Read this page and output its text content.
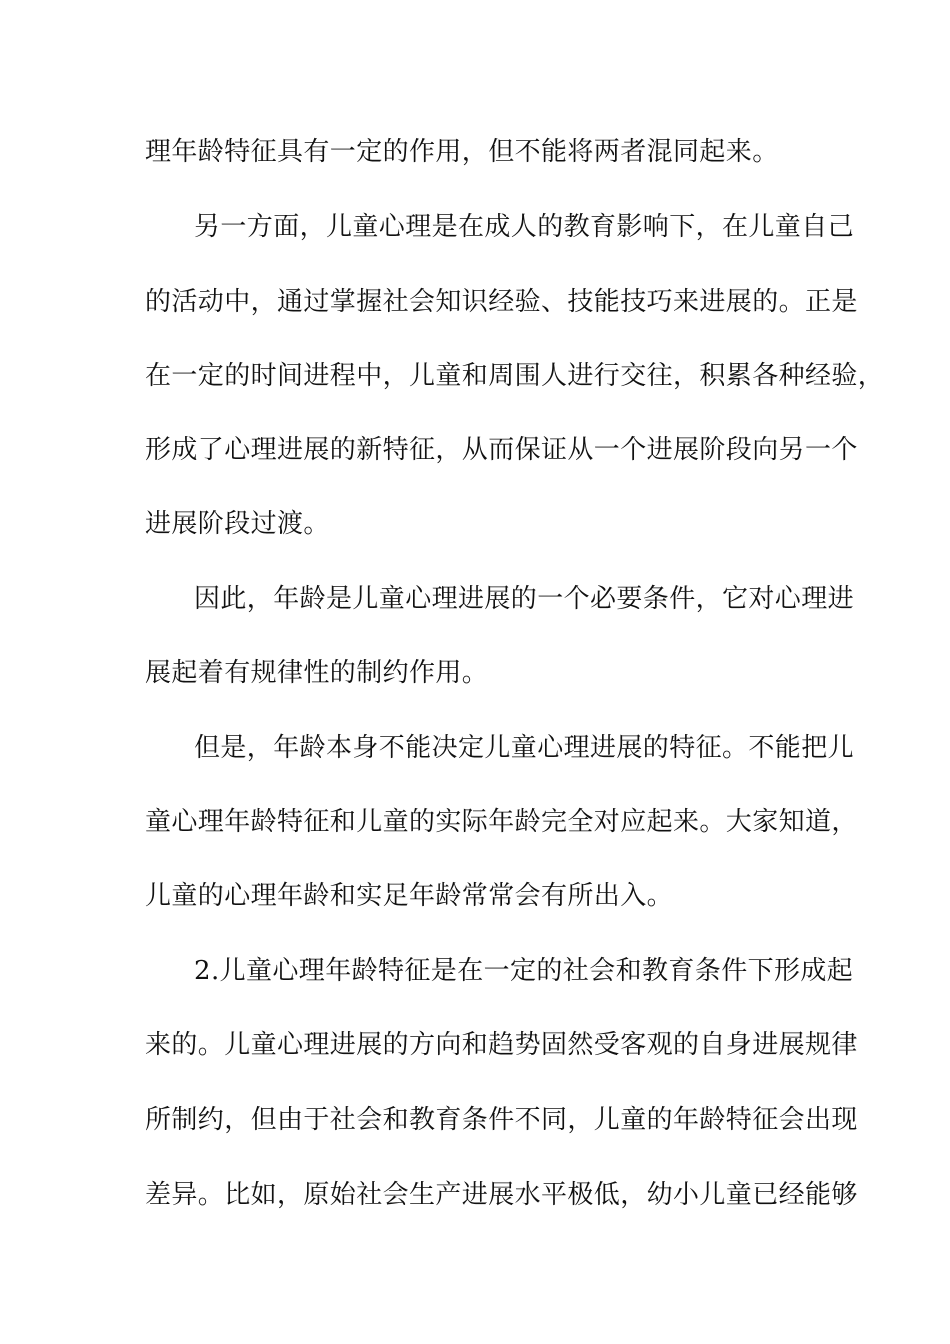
理年龄特征具有一定的作用，但不能将两者混同起来。
另一方面，儿童心理是在成人的教育影响下，在儿童自己
的活动中，通过掌握社会知识经验、技能技巧来进展的。正是
在一定的时间进程中，儿童和周围人进行交往，积累各种经验，
形成了心理进展的新特征，从而保证从一个进展阶段向另一个
进展阶段过渡。
因此，年龄是儿童心理进展的一个必要条件，它对心理进
展起着有规律性的制约作用。
但是，年龄本身不能决定儿童心理进展的特征。不能把儿
童心理年龄特征和儿童的实际年龄完全对应起来。大家知道，
儿童的心理年龄和实足年龄常常会有所出入。
2.儿童心理年龄特征是在一定的社会和教育条件下形成起
来的。儿童心理进展的方向和趋势固然受客观的自身进展规律
所制约，但由于社会和教育条件不同，儿童的年龄特征会出现
差异。比如，原始社会生产进展水平极低，幼小儿童已经能够
